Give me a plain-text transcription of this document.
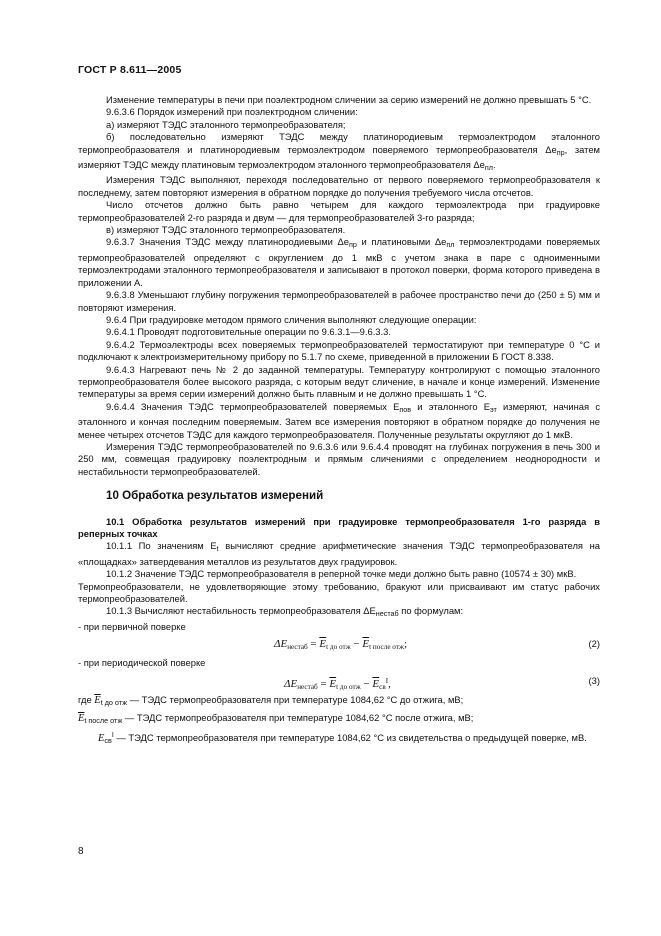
ГОСТ Р 8.611—2005

Изменение температуры в печи при поэлектродном сличении за серию измерений не должно превышать 5 °С.

9.6.3.6 Порядок измерений при поэлектродном сличении:

а) измеряют ТЭДС эталонного термопреобразователя;

б) последовательно измеряют ТЭДС между платинородиевым термоэлектродом эталонного термопреобразователя и платинородиевым термоэлектродом поверяемого термопреобразователя $\Delta e_{пр}$, затем измеряют ТЭДС между платиновым термоэлектродом эталонного термопреобразователя $\Delta e_{пл}$.

Измерения ТЭДС выполняют, переходя последовательно от первого поверяемого термопреобразователя к последнему, затем повторяют измерения в обратном порядке до получения требуемого числа отсчетов.

Число отсчетов должно быть равно четырем для каждого термоэлектрода при градуировке термопреобразователей 2-го разряда и двум — для термопреобразователей 3-го разряда;

в) измеряют ТЭДС эталонного термопреобразователя.

9.6.3.7 Значения ТЭДС между платинородиевыми $\Delta e_{пр}$ и платиновыми $\Delta e_{пл}$ термоэлектродами поверяемых термопреобразователей определяют с округлением до 1 мкВ с учетом знака в паре с одноименными термоэлектродами эталонного термопреобразователя и записывают в протокол поверки, форма которого приведена в приложении А.

9.6.3.8 Уменьшают глубину погружения термопреобразователей в рабочее пространство печи до (250 ± 5) мм и повторяют измерения.

9.6.4 При градуировке методом прямого сличения выполняют следующие операции:

9.6.4.1 Проводят подготовительные операции по 9.6.3.1—9.6.3.3.

9.6.4.2 Термоэлектроды всех поверяемых термопреобразователей термостатируют при температуре 0 °С и подключают к электроизмерительному прибору по 5.1.7 по схеме, приведенной в приложении Б ГОСТ 8.338.

9.6.4.3 Нагревают печь № 2 до заданной температуры. Температуру контролируют с помощью эталонного термопреобразователя более высокого разряда, с которым ведут сличение, в начале и конце измерений. Изменение температуры за время серии измерений должно быть плавным и не должно превышать 1 °С.

9.6.4.4 Значения ТЭДС термопреобразователей поверяемых $E_{пов}$ и эталонного $E_{эт}$ измеряют, начиная с эталонного и кончая последним поверяемым. Затем все измерения повторяют в обратном порядке до получения не менее четырех отсчетов ТЭДС для каждого термопреобразователя. Полученные результаты округляют до 1 мкВ.

Измерения ТЭДС термопреобразователей по 9.6.3.6 или 9.6.4.4 проводят на глубинах погружения в печь 300 и 250 мм, совмещая градуировку поэлектродным и прямым сличениями с определением неоднородности и нестабильности термопреобразователей.

10 Обработка результатов измерений

10.1 Обработка результатов измерений при градуировке термопреобразователя 1-го разряда в реперных точках

10.1.1 По значениям $E_t$ вычисляют средние арифметические значения ТЭДС термопреобразователя на «площадках» затвердевания металлов из результатов двух градуировок.

10.1.2 Значение ТЭДС термопреобразователя в реперной точке меди должно быть равно (10574 ± 30) мкВ.

Термопреобразователи, не удовлетворяющие этому требованию, бракуют или присваивают им статус рабочих термопреобразователей.

10.1.3 Вычисляют нестабильность термопреобразователя $\Delta E_{нестаб}$ по формулам:

- при первичной поверке

$\Delta E_{нестаб} = \overline{E}_{t до отж} - \overline{E}_{t после отж}$;	(2)

- при периодической поверке

$\Delta E_{нестаб} = \overline{E}_{t до отж} - \overline{E}_{св}^I$,	(3)

где $\overline{E}_{t до отж}$ — ТЭДС термопреобразователя при температуре 1084,62 °С до отжига, мВ;

$\overline{E}_{t после отж}$ — ТЭДС термопреобразователя при температуре 1084,62 °С после отжига, мВ;

$E_{св}^I$ — ТЭДС термопреобразователя при температуре 1084,62 °С из свидетельства о предыдущей поверке, мВ.

8
